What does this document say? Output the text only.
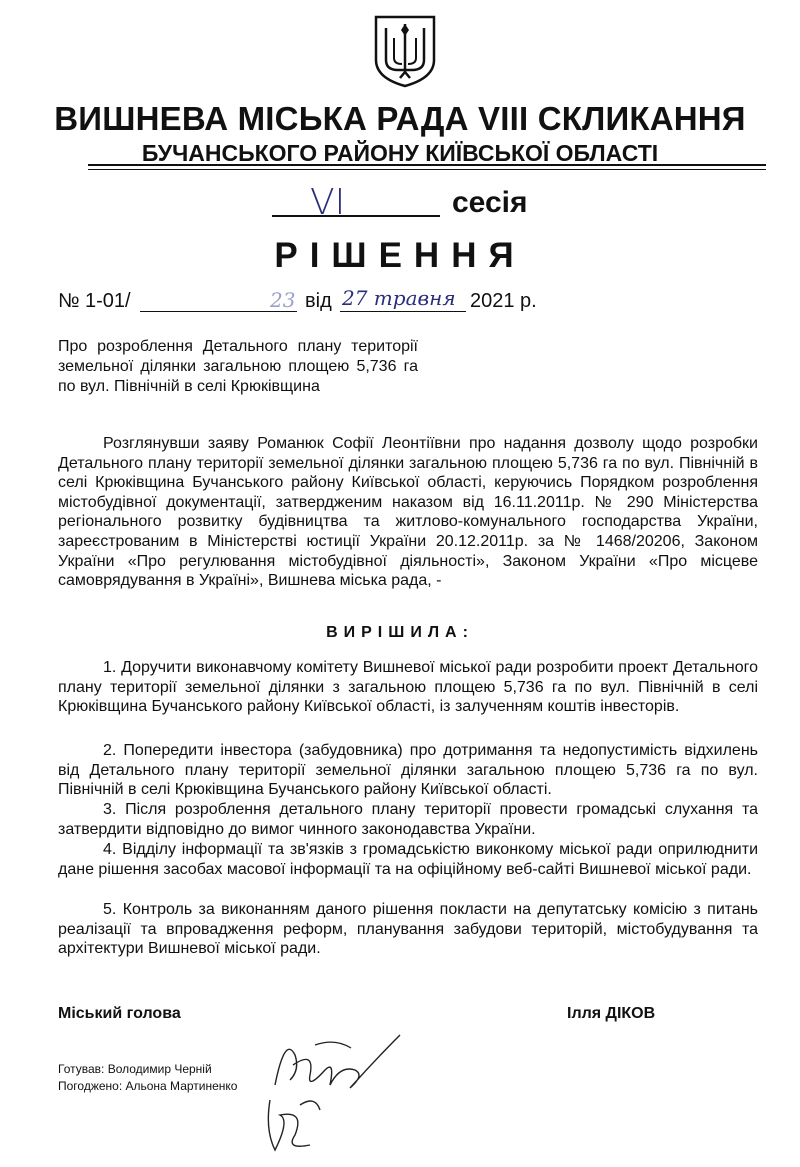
ВИШНЕВА МІСЬКА РАДА VIII СКЛИКАННЯ
БУЧАНСЬКОГО РАЙОНУ КИЇВСЬКОЇ ОБЛАСТІ
VI	сесія
РІШЕННЯ
№ 1-01/	23 від 27 травня 2021 р.
Про розроблення Детального плану території земельної ділянки загальною площею 5,736 га по вул. Північній в селі Крюківщина
Розглянувши заяву Романюк Софії Леонтіївни про надання дозволу щодо розробки Детального плану території земельної ділянки загальною площею 5,736 га по вул. Північній в селі Крюківщина Бучанського району Київської області, керуючись Порядком розроблення містобудівної документації, затвердженим наказом від 16.11.2011р. № 290 Міністерства регіонального розвитку будівництва та житлово-комунального господарства України, зареєстрованим в Міністерстві юстиції України 20.12.2011р. за № 1468/20206, Законом України «Про регулювання містобудівної діяльності», Законом України «Про місцеве самоврядування в Україні», Вишнева міська рада, -
ВИРІШИЛА:
1. Доручити виконавчому комітету Вишневої міської ради розробити проект Детального плану території земельної ділянки з загальною площею 5,736 га по вул. Північній в селі Крюківщина Бучанського району Київської області, із залученням коштів інвесторів.
2. Попередити інвестора (забудовника) про дотримання та недопустимість відхилень від Детального плану території земельної ділянки загальною площею 5,736 га по вул. Північній в селі Крюківщина Бучанського району Київської області.
3. Після розроблення детального плану території провести громадські слухання та затвердити відповідно до вимог чинного законодавства України.
4. Відділу інформації та зв'язків з громадськістю виконкому міської ради оприлюднити дане рішення засобах масової інформації та на офіційному веб-сайті Вишневої міської ради.
5. Контроль за виконанням даного рішення покласти на депутатську комісію з питань реалізації та впровадження реформ, планування забудови територій, містобудування та архітектури Вишневої міської ради.
Міський голова	Ілля ДІКОВ
Готував: Володимир Черній
Погоджено: Альона Мартиненко
